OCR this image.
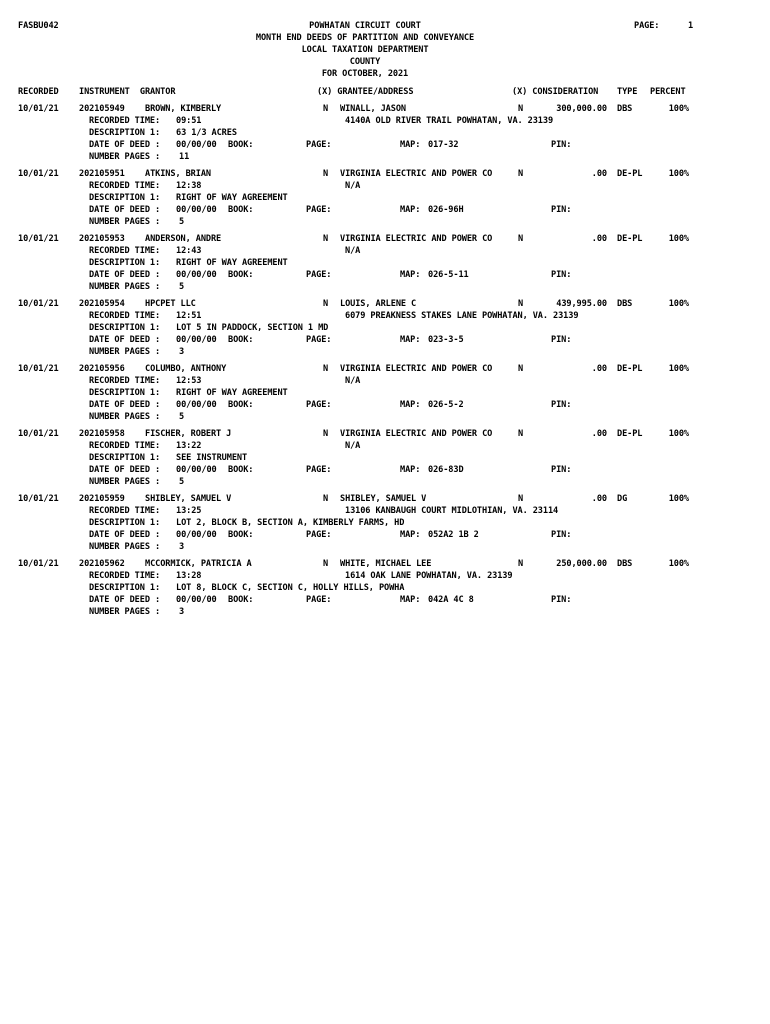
FASBU042	POWHATAN CIRCUIT COURT
MONTH END DEEDS OF PARTITION AND CONVEYANCE
LOCAL TAXATION DEPARTMENT
COUNTY
FOR OCTOBER, 2021
PAGE:	1
RECORDED INSTRUMENT  GRANTOR	(X) GRANTEE/ADDRESS	(X) CONSIDERATION TYPE PERCENT
10/01/21 202105949 BROWN, KIMBERLY	N WINALL, JASON	N	300,000.00 DBS	100%
RECORDED TIME: 09:51	4140A OLD RIVER TRAIL POWHATAN, VA. 23139
DESCRIPTION 1: 63 1/3 ACRES
DATE OF DEED : 00/00/00 BOOK:	PAGE:	MAP: 017-32	PIN:
NUMBER PAGES : 11
10/01/21 202105951 ATKINS, BRIAN	N VIRGINIA ELECTRIC AND POWER CO	N	.00 DE-PL	100%
RECORDED TIME: 12:38	N/A
DESCRIPTION 1: RIGHT OF WAY AGREEMENT
DATE OF DEED : 00/00/00 BOOK:	PAGE:	MAP: 026-96H	PIN:
NUMBER PAGES : 5
10/01/21 202105953 ANDERSON, ANDRE	N VIRGINIA ELECTRIC AND POWER CO	N	.00 DE-PL	100%
RECORDED TIME: 12:43	N/A
DESCRIPTION 1: RIGHT OF WAY AGREEMENT
DATE OF DEED : 00/00/00 BOOK:	PAGE:	MAP: 026-5-11	PIN:
NUMBER PAGES : 5
10/01/21 202105954 HPCPET LLC	N LOUIS, ARLENE C	N	439,995.00 DBS	100%
RECORDED TIME: 12:51	6079 PREAKNESS STAKES LANE POWHATAN, VA. 23139
DESCRIPTION 1: LOT 5 IN PADDOCK, SECTION 1 MD
DATE OF DEED : 00/00/00 BOOK:	PAGE:	MAP: 023-3-5	PIN:
NUMBER PAGES : 3
10/01/21 202105956 COLUMBO, ANTHONY	N VIRGINIA ELECTRIC AND POWER CO	N	.00 DE-PL	100%
RECORDED TIME: 12:53	N/A
DESCRIPTION 1: RIGHT OF WAY AGREEMENT
DATE OF DEED : 00/00/00 BOOK:	PAGE:	MAP: 026-5-2	PIN:
NUMBER PAGES : 5
10/01/21 202105958 FISCHER, ROBERT J	N VIRGINIA ELECTRIC AND POWER CO	N	.00 DE-PL	100%
RECORDED TIME: 13:22	N/A
DESCRIPTION 1: SEE INSTRUMENT
DATE OF DEED : 00/00/00 BOOK:	PAGE:	MAP: 026-83D	PIN:
NUMBER PAGES : 5
10/01/21 202105959 SHIBLEY, SAMUEL V	N SHIBLEY, SAMUEL V	N	.00 DG	100%
RECORDED TIME: 13:25	13106 KANBAUGH COURT MIDLOTHIAN, VA. 23114
DESCRIPTION 1: LOT 2, BLOCK B, SECTION A, KIMBERLY FARMS, HD
DATE OF DEED : 00/00/00 BOOK:	PAGE:	MAP: 052A2 1B 2	PIN:
NUMBER PAGES : 3
10/01/21 202105962 MCCORMICK, PATRICIA A	N WHITE, MICHAEL LEE	N	250,000.00 DBS	100%
RECORDED TIME: 13:28	1614 OAK LANE POWHATAN, VA. 23139
DESCRIPTION 1: LOT 8, BLOCK C, SECTION C, HOLLY HILLS, POWHA
DATE OF DEED : 00/00/00 BOOK:	PAGE:	MAP: 042A 4C 8	PIN:
NUMBER PAGES : 3
